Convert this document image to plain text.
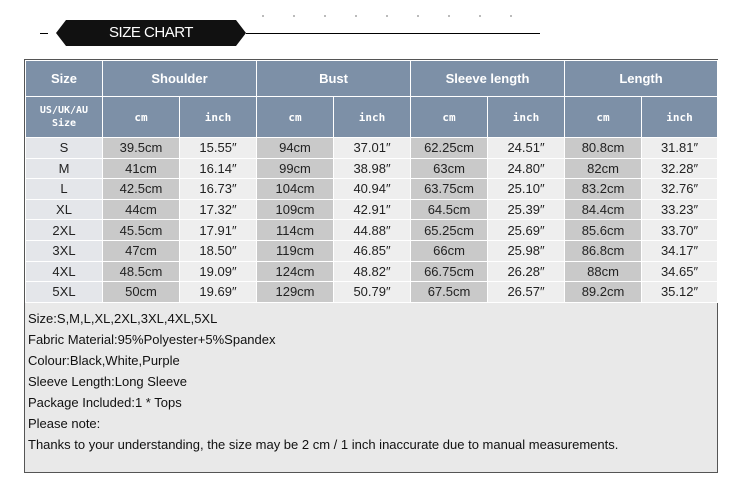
SIZE CHART
Size	Shoulder		Bust		Sleeve length		Length	
US/UK/AU Size	cm	inch	cm	inch	cm	inch	cm	inch
S	39.5cm	15.55″	94cm	37.01″	62.25cm	24.51″	80.8cm	31.81″
M	41cm	16.14″	99cm	38.98″	63cm	24.80″	82cm	32.28″
L	42.5cm	16.73″	104cm	40.94″	63.75cm	25.10″	83.2cm	32.76″
XL	44cm	17.32″	109cm	42.91″	64.5cm	25.39″	84.4cm	33.23″
2XL	45.5cm	17.91″	114cm	44.88″	65.25cm	25.69″	85.6cm	33.70″
3XL	47cm	18.50″	119cm	46.85″	66cm	25.98″	86.8cm	34.17″
4XL	48.5cm	19.09″	124cm	48.82″	66.75cm	26.28″	88cm	34.65″
5XL	50cm	19.69″	129cm	50.79″	67.5cm	26.57″	89.2cm	35.12″
Size:S,M,L,XL,2XL,3XL,4XL,5XL
Fabric Material:95%Polyester+5%Spandex
Colour:Black,White,Purple
Sleeve Length:Long Sleeve
Package Included:1 * Tops
Please note:
Thanks to your understanding, the size may be 2 cm / 1 inch inaccurate due to manual measurements.
